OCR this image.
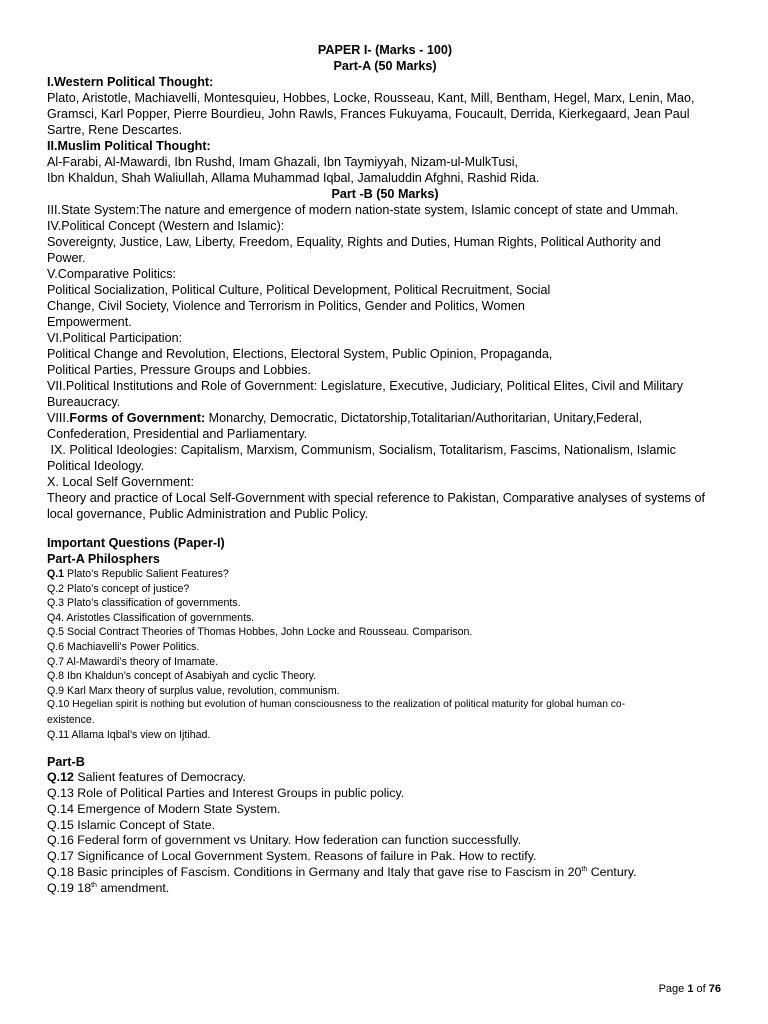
PAPER I- (Marks - 100)
Part-A (50 Marks)
I.Western Political Thought:
Plato, Aristotle, Machiavelli, Montesquieu, Hobbes, Locke, Rousseau, Kant, Mill, Bentham, Hegel, Marx, Lenin, Mao,
Gramsci, Karl Popper, Pierre Bourdieu, John Rawls, Frances Fukuyama, Foucault, Derrida, Kierkegaard, Jean Paul
Sartre, Rene Descartes.
II.Muslim Political Thought:
Al-Farabi, Al-Mawardi, Ibn Rushd, Imam Ghazali, Ibn Taymiyyah, Nizam-ul-MulkTusi,
Ibn Khaldun, Shah Waliullah, Allama Muhammad Iqbal, Jamaluddin Afghni, Rashid Rida.
Part -B (50 Marks)
III.State System:The nature and emergence of modern nation-state system, Islamic concept of state and Ummah.
IV.Political Concept (Western and Islamic):
Sovereignty, Justice, Law, Liberty, Freedom, Equality, Rights and Duties, Human Rights, Political Authority and
Power.
V.Comparative Politics:
Political Socialization, Political Culture, Political Development, Political Recruitment, Social
Change, Civil Society, Violence and Terrorism in Politics, Gender and Politics, Women
Empowerment.
VI.Political Participation:
Political Change and Revolution, Elections, Electoral System, Public Opinion, Propaganda,
Political Parties, Pressure Groups and Lobbies.
VII.Political Institutions and Role of Government: Legislature, Executive, Judiciary, Political Elites, Civil and Military
Bureaucracy.
VIII.Forms of Government: Monarchy, Democratic, Dictatorship,Totalitarian/Authoritarian, Unitary,Federal,
Confederation, Presidential and Parliamentary.
IX. Political Ideologies: Capitalism, Marxism, Communism, Socialism, Totalitarism, Fascims, Nationalism, Islamic
Political Ideology.
X. Local Self Government:
Theory and practice of Local Self-Government with special reference to Pakistan, Comparative analyses of systems of
local governance, Public Administration and Public Policy.
Important Questions (Paper-I)
Part-A Philosphers
Q.1 Plato’s Republic Salient Features?
Q.2 Plato’s concept of justice?
Q.3 Plato’s classification of governments.
Q4. Aristotles Classification of governments.
Q.5 Social Contract Theories of Thomas Hobbes, John Locke and Rousseau. Comparison.
Q.6 Machiavelli’s Power Politics.
Q.7 Al-Mawardi’s theory of Imamate.
Q.8 Ibn Khaldun’s concept of Asabiyah and cyclic Theory.
Q.9 Karl Marx theory of surplus value, revolution, communism.
Q.10 Hegelian spirit is nothing but evolution of human consciousness to the realization of political maturity for global human co-
existence.
Q.11 Allama Iqbal’s view on Ijtihad.
Part-B
Q.12 Salient features of Democracy.
Q.13 Role of Political Parties and Interest Groups in public policy.
Q.14 Emergence of Modern State System.
Q.15 Islamic Concept of State.
Q.16 Federal form of government vs Unitary. How federation can function successfully.
Q.17 Significance of Local Government System. Reasons of failure in Pak. How to rectify.
Q.18 Basic principles of Fascism. Conditions in Germany and Italy that gave rise to Fascism in 20th Century.
Q.19 18th amendment.
Page 1 of 76
